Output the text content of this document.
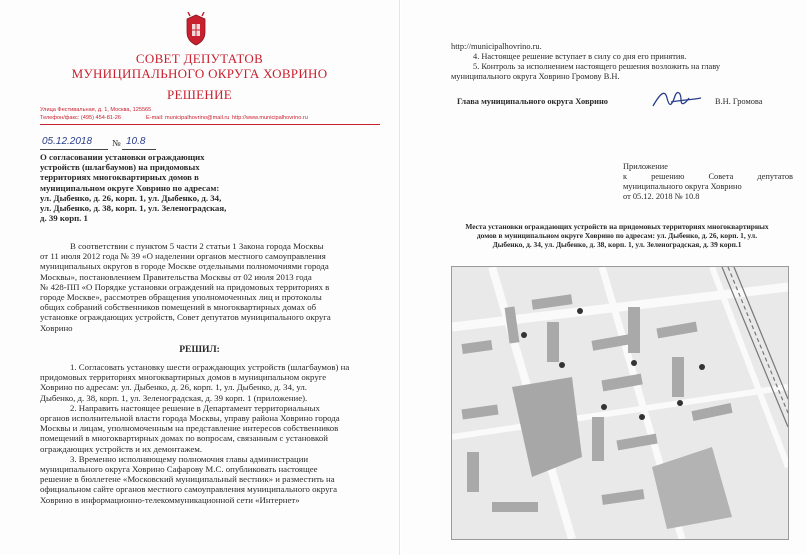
СОВЕТ ДЕПУТАТОВ
МУНИЦИПАЛЬНОГО ОКРУГА ХОВРИНО
РЕШЕНИЕ
Улица Фестивальная, д. 1, Москва, 125565
Телефон/факс: (495) 454-81-26	E-mail: municipalhovrino@mail.ru http://www.municipalhovrino.ru
05.12.2018 № 10.8
О согласовании установки ограждающих
устройств (шлагбаумов) на придомовых
территориях многоквартирных домов в
муниципальном округе Ховрино по адресам:
ул. Дыбенко, д. 26, корп. 1, ул. Дыбенко, д. 34,
ул. Дыбенко, д. 38, корп. 1, ул. Зеленоградская,
д. 39 корп. 1
В соответствии с пунктом 5 части 2 статьи 1 Закона города Москвы
от 11 июля 2012 года № 39 «О наделении органов местного самоуправления
муниципальных округов в городе Москве отдельными полномочиями города
Москвы», постановлением Правительства Москвы от 02 июля 2013 года
№ 428-ПП «О Порядке установки ограждений на придомовых территориях в
городе Москве», рассмотрев обращения уполномоченных лиц и протоколы
общих собраний собственников помещений в многоквартирных домах об
установке ограждающих устройств, Совет депутатов муниципального округа
Ховрино
РЕШИЛ:
1. Согласовать установку шести ограждающих устройств (шлагбаумов) на
придомовых территориях многоквартирных домов в муниципальном округе
Ховрино по адресам: ул. Дыбенко, д. 26, корп. 1, ул. Дыбенко, д. 34, ул.
Дыбенко, д. 38, корп. 1, ул. Зеленоградская, д. 39 корп. 1 (приложение).
2. Направить настоящее решение в Департамент территориальных
органов исполнительной власти города Москвы, управу района Ховрино города
Москвы и лицам, уполномоченным на представление интересов собственников
помещений в многоквартирных домах по вопросам, связанным с установкой
ограждающих устройств и их демонтажем.
3. Временно исполняющему полномочия главы администрации
муниципального округа Ховрино Сафарову М.С. опубликовать настоящее
решение в бюллетене «Московский муниципальный вестник» и разместить на
официальном сайте органов местного самоуправления муниципального округа
Ховрино в информационно-телекоммуникационной сети «Интернет»
http://municipalhovrino.ru.
4. Настоящее решение вступает в силу со дня его принятия.
5. Контроль за исполнением настоящего решения возложить на главу
муниципального округа Ховрино Громову В.Н.
Глава муниципального округа Ховрино	В.Н. Громова
Приложение
к решению Совета депутатов
муниципального округа Ховрино
от 05.12. 2018 № 10.8
Места установки ограждающих устройств на придомовых территориях многоквартирных
домов в муниципальном округе Ховрино по адресам: ул. Дыбенко, д. 26, корп. 1, ул.
Дыбенко, д. 34, ул. Дыбенко, д. 38, корп. 1, ул. Зеленоградская, д. 39 корп.1
